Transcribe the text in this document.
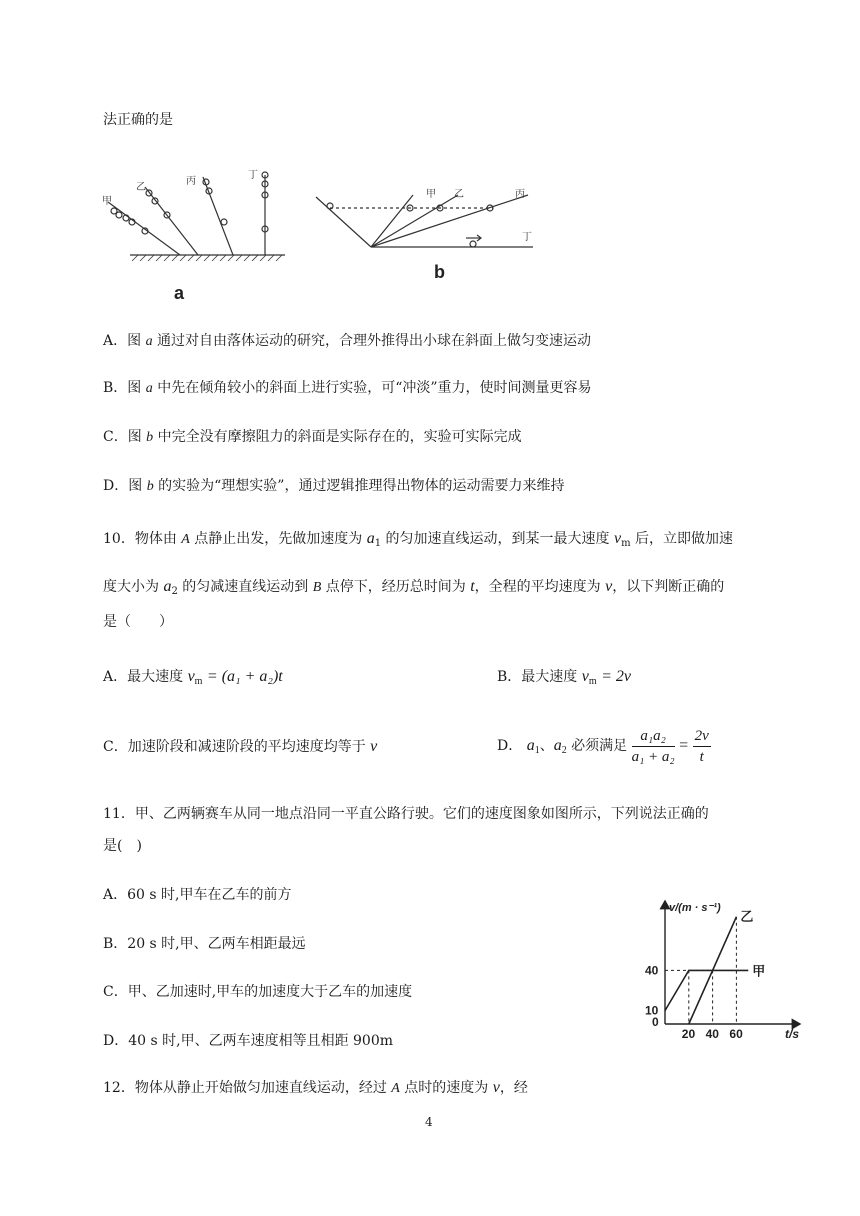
法正确的是
甲
乙
丙
丁
a
甲 乙	丙
丁
b
A．图 a 通过对自由落体运动的研究，合理外推得出小球在斜面上做匀变速运动
B．图 a 中先在倾角较小的斜面上进行实验，可“冲淡”重力，使时间测量更容易
C．图 b 中完全没有摩擦阻力的斜面是实际存在的，实验可实际完成
D．图 b 的实验为“理想实验”，通过逻辑推理得出物体的运动需要力来维持
10．物体由 A 点静止出发，先做加速度为 $a_1$ 的匀加速直线运动，到某一最大速度 $v_m$ 后，立即做加速
度大小为 $a_2$ 的匀减速直线运动到 B 点停下，经历总时间为 t，全程的平均速度为 v，以下判断正确的
是（　　）
A．最大速度 $v_m = (a_1 + a_2)t$	B．最大速度 $v_m = 2v$
C．加速阶段和减速阶段的平均速度均等于 v	D． $a_1$、$a_2$ 必须满足 $\frac{\text{a₁a₂}}{\text{a₁ + a₂}} = \frac{2v}{t}$
11．甲、乙两辆赛车从同一地点沿同一平直公路行驶。它们的速度图象如图所示，下列说法正确的
是(　)
A．60 s 时,甲车在乙车的前方
B．20 s 时,甲、乙两车相距最远
C．甲、乙加速时,甲车的加速度大于乙车的加速度
D．40 s 时,甲、乙两车速度相等且相距 900m
甲
乙
20 40 60
0
10
40
v/(m · s⁻¹)
t/s
12．物体从静止开始做匀加速直线运动，经过 A 点时的速度为 v，经
4
